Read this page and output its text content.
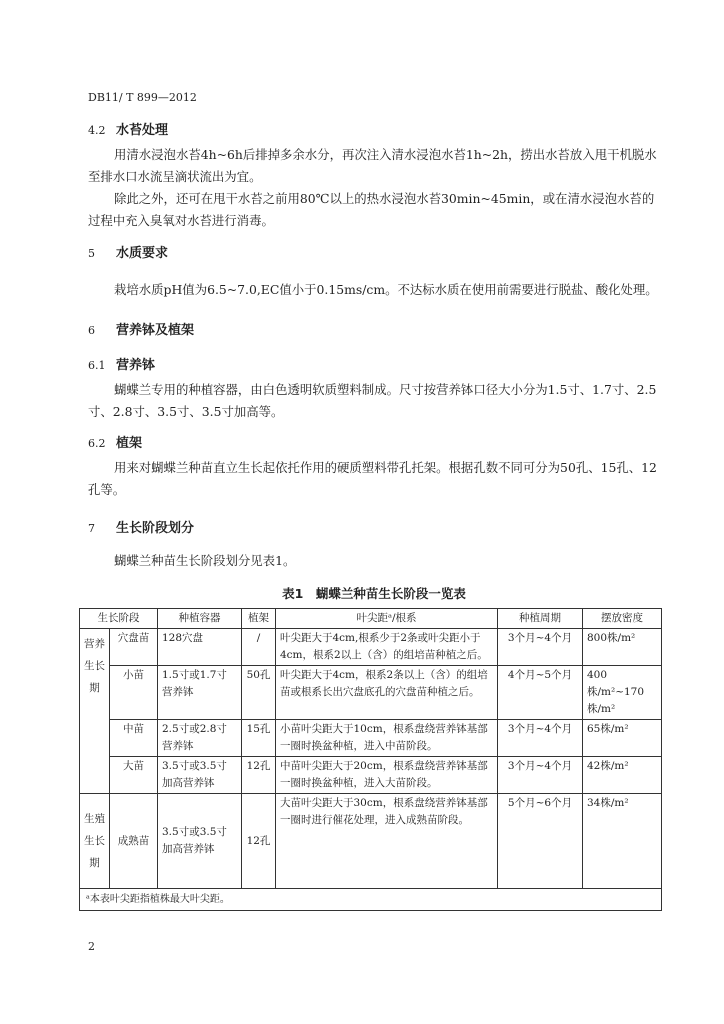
DB11/ T 899—2012
4.2 水苔处理
用清水浸泡水苔4h~6h后排掉多余水分，再次注入清水浸泡水苔1h~2h，捞出水苔放入甩干机脱水至排水口水流呈滴状流出为宜。
除此之外，还可在甩干水苔之前用80℃以上的热水浸泡水苔30min~45min，或在清水浸泡水苔的过程中充入臭氧对水苔进行消毒。
5 水质要求
栽培水质pH值为6.5~7.0,EC值小于0.15ms/cm。不达标水质在使用前需要进行脱盐、酸化处理。
6 营养钵及植架
6.1 营养钵
蝴蝶兰专用的种植容器，由白色透明软质塑料制成。尺寸按营养钵口径大小分为1.5寸、1.7寸、2.5寸、2.8寸、3.5寸、3.5寸加高等。
6.2 植架
用来对蝴蝶兰种苗直立生长起依托作用的硬质塑料带孔托架。根据孔数不同可分为50孔、15孔、12孔等。
7 生长阶段划分
蝴蝶兰种苗生长阶段划分见表1。
表1　蝴蝶兰种苗生长阶段一览表
生长阶段		种植容器	植架	叶尖距ᵃ/根系	种植周期	摆放密度
营养生长期	穴盘苗	128穴盘	/	叶尖距大于4cm,根系少于2条或叶尖距小于4cm，根系2以上（含）的组培苗种植之后。	3个月~4个月	800株/m²
	小苗	1.5寸或1.7寸营养钵	50孔	叶尖距大于4cm，根系2条以上（含）的组培苗或根系长出穴盘底孔的穴盘苗种植之后。	4个月~5个月	400株/m²~170株/m²
	中苗	2.5寸或2.8寸营养钵	15孔	小苗叶尖距大于10cm，根系盘绕营养钵基部一圈时换盆种植，进入中苗阶段。	3个月~4个月	65株/m²
	大苗	3.5寸或3.5寸加高营养钵	12孔	中苗叶尖距大于20cm，根系盘绕营养钵基部一圈时换盆种植，进入大苗阶段。	3个月~4个月	42株/m²
生殖生长期	成熟苗	3.5寸或3.5寸加高营养钵	12孔	大苗叶尖距大于30cm，根系盘绕营养钵基部一圈时进行催花处理，进入成熟苗阶段。	5个月~6个月	34株/m²
ᵃ本表叶尖距指植株最大叶尖距。						
2
